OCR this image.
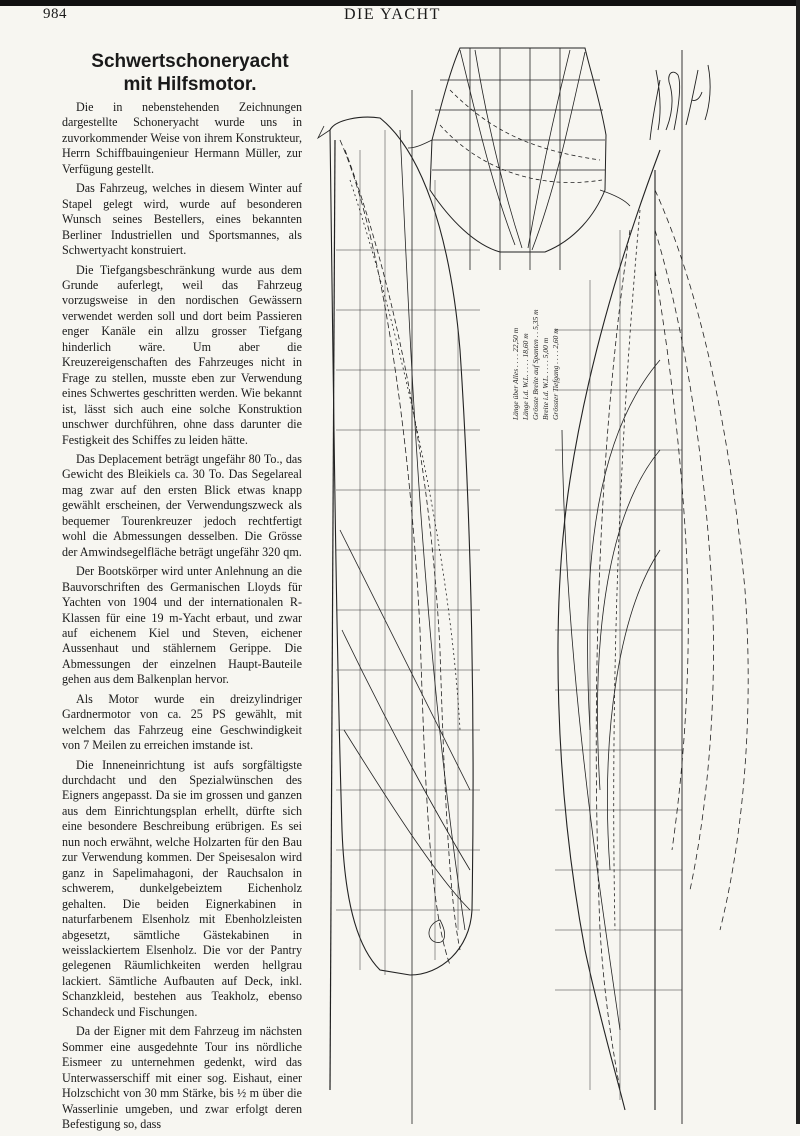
984	DIE YACHT
Schwertschoneryacht
mit Hilfsmotor.

Die in nebenstehenden Zeichnungen dargestellte Schoneryacht wurde uns in zuvorkommender Weise von ihrem Konstrukteur, Herrn Schiffbauingenieur Hermann Müller, zur Verfügung gestellt.

Das Fahrzeug, welches in diesem Winter auf Stapel gelegt wird, wurde auf besonderen Wunsch seines Bestellers, eines bekannten Berliner Industriellen und Sportsmannes, als Schwertyacht konstruiert.

Die Tiefgangsbeschränkung wurde aus dem Grunde auferlegt, weil das Fahrzeug vorzugsweise in den nordischen Gewässern verwendet werden soll und dort beim Passieren enger Kanäle ein allzu grosser Tiefgang hinderlich wäre. Um aber die Kreuzereigenschaften des Fahrzeuges nicht in Frage zu stellen, musste eben zur Verwendung eines Schwertes geschritten werden. Wie bekannt ist, lässt sich auch eine solche Konstruktion unschwer durchführen, ohne dass darunter die Festigkeit des Schiffes zu leiden hätte.

Das Deplacement beträgt ungefähr 80 To., das Gewicht des Bleikiels ca. 30 To. Das Segelareal mag zwar auf den ersten Blick etwas knapp gewählt erscheinen, der Verwendungszweck als bequemer Tourenkreuzer jedoch rechtfertigt wohl die Abmessungen desselben. Die Grösse der Amwindsegelfläche beträgt ungefähr 320 qm.

Der Bootskörper wird unter Anlehnung an die Bauvorschriften des Germanischen Lloyds für Yachten von 1904 und der internationalen R-Klassen für eine 19 m-Yacht erbaut, und zwar auf eichenem Kiel und Steven, eichener Aussenhaut und stählernem Gerippe. Die Abmessungen der einzelnen Haupt-Bauteile gehen aus dem Balkenplan hervor.

Als Motor wurde ein dreizylindriger Gardnermotor von ca. 25 PS gewählt, mit welchem das Fahrzeug eine Geschwindigkeit von 7 Meilen zu erreichen imstande ist.

Die Inneneinrichtung ist aufs sorgfältigste durchdacht und den Spezialwünschen des Eigners angepasst. Da sie im grossen und ganzen aus dem Einrichtungsplan erhellt, dürfte sich eine besondere Beschreibung erübrigen. Es sei nun noch erwähnt, welche Holzarten für den Bau zur Verwendung kommen. Der Speisesalon wird ganz in Sapelimahagoni, der Rauchsalon in schwerem, dunkelgebeiztem Eichenholz gehalten. Die beiden Eignerkabinen in naturfarbenem Elsenholz mit Ebenholzleisten abgesetzt, sämtliche Gästekabinen in weisslackiertem Elsenholz. Die vor der Pantry gelegenen Räumlichkeiten werden hellgrau lackiert. Sämtliche Aufbauten auf Deck, inkl. Schanzkleid, bestehen aus Teakholz, ebenso Schandeck und Fischungen.

Da der Eigner mit dem Fahrzeug im nächsten Sommer eine ausgedehnte Tour ins nördliche Eismeer zu unternehmen gedenkt, wird das Unterwasserschiff mit einer sog. Eishaut, einer Holzschicht von 30 mm Stärke, bis ½ m über die Wasserlinie umgeben, und zwar erfolgt deren Befestigung so, dass

Länge über Alles . . . . 22,50 m Länge i.d. W.L. . . . . 18,60 m Grösste Breite auf Spanten . . 5,35 m Breite i.d. W.L. . . . . 5,00 m Grösster Tiefgang . . . . 2,60 m
